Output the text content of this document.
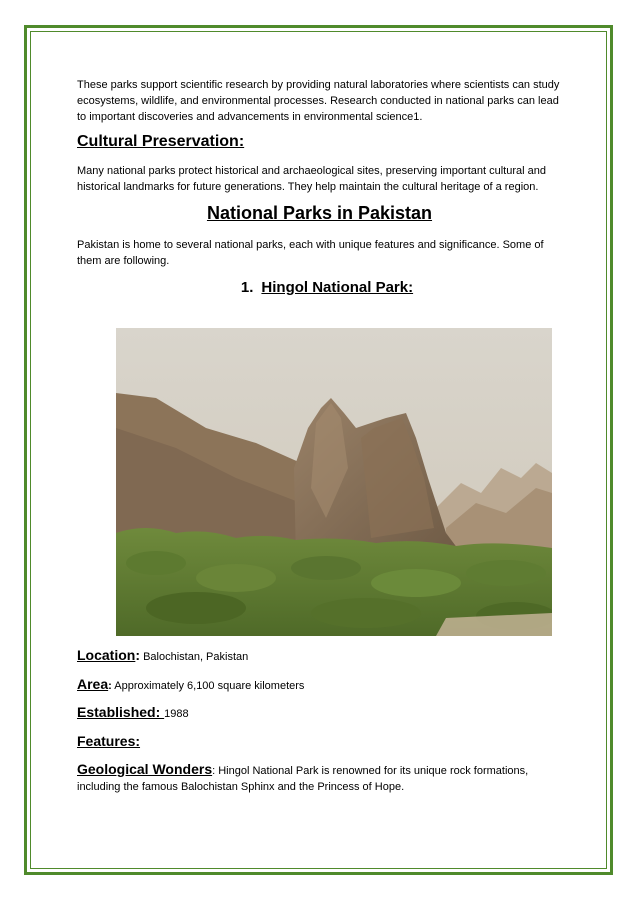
These parks support scientific research by providing natural laboratories where scientists can study ecosystems, wildlife, and environmental processes. Research conducted in national parks can lead to important discoveries and advancements in environmental science1.

Cultural Preservation:

Many national parks protect historical and archaeological sites, preserving important cultural and historical landmarks for future generations. They help maintain the cultural heritage of a region.

National Parks in Pakistan

Pakistan is home to several national parks, each with unique features and significance. Some of them are following.

1. Hingol National Park:
Location: Balochistan, Pakistan
Area: Approximately 6,100 square kilometers
Established: 1988
Features:
Geological Wonders: Hingol National Park is renowned for its unique rock formations, including the famous Balochistan Sphinx and the Princess of Hope.
